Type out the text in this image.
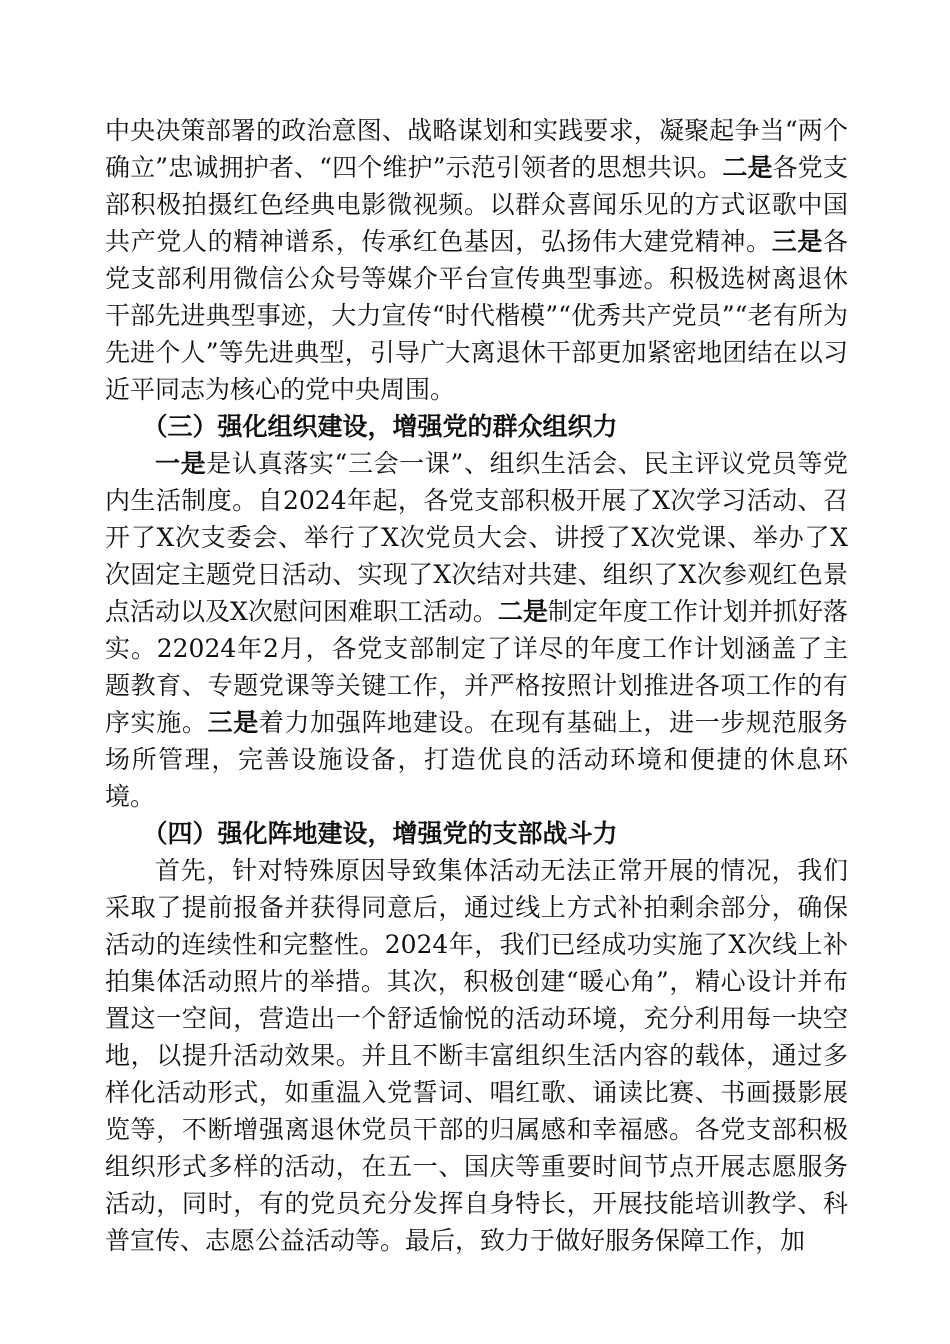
中央决策部署的政治意图、战略谋划和实践要求，凝聚起争当“两个确立”忠诚拥护者、“四个维护”示范引领者的思想共识。二是各党支部积极拍摄红色经典电影微视频。以群众喜闻乐见的方式讴歌中国共产党人的精神谱系，传承红色基因，弘扬伟大建党精神。三是各党支部利用微信公众号等媒介平台宣传典型事迹。积极选树离退休干部先进典型事迹，大力宣传“时代楷模”“优秀共产党员”“老有所为先进个人”等先进典型，引导广大离退休干部更加紧密地团结在以习近平同志为核心的党中央周围。

（三）强化组织建设，增强党的群众组织力

一是是认真落实“三会一课”、组织生活会、民主评议党员等党内生活制度。自2024年起，各党支部积极开展了X次学习活动、召开了X次支委会、举行了X次党员大会、讲授了X次党课、举办了X次固定主题党日活动、实现了X次结对共建、组织了X次参观红色景点活动以及X次慰问困难职工活动。二是制定年度工作计划并抓好落实。22024年2月，各党支部制定了详尽的年度工作计划涵盖了主题教育、专题党课等关键工作，并严格按照计划推进各项工作的有序实施。三是着力加强阵地建设。在现有基础上，进一步规范服务场所管理，完善设施设备，打造优良的活动环境和便捷的休息环境。

（四）强化阵地建设，增强党的支部战斗力

首先，针对特殊原因导致集体活动无法正常开展的情况，我们采取了提前报备并获得同意后，通过线上方式补拍剩余部分，确保活动的连续性和完整性。2024年，我们已经成功实施了X次线上补拍集体活动照片的举措。其次，积极创建“暖心角”，精心设计并布置这一空间，营造出一个舒适愉悦的活动环境，充分利用每一块空地，以提升活动效果。并且不断丰富组织生活内容的载体，通过多样化活动形式，如重温入党誓词、唱红歌、诵读比赛、书画摄影展览等，不断增强离退休党员干部的归属感和幸福感。各党支部积极组织形式多样的活动，在五一、国庆等重要时间节点开展志愿服务活动，同时，有的党员充分发挥自身特长，开展技能培训教学、科普宣传、志愿公益活动等。最后，致力于做好服务保障工作，加
